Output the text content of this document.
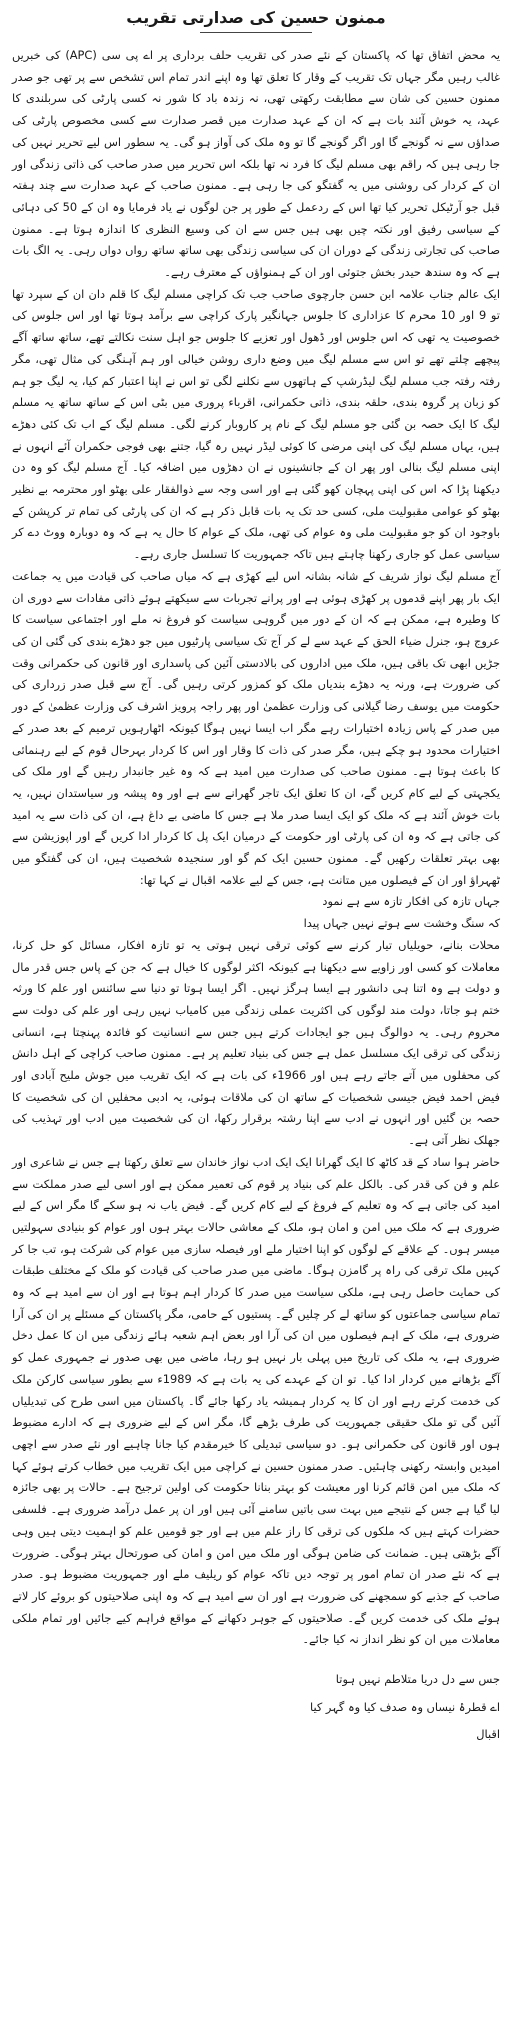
ممنون حسین کی صدارتی تقریب

یہ محض اتفاق تھا کہ پاکستان کے نئے صدر کی تقریب حلف برداری پر اے پی سی (APC) کی خبریں غالب رہیں مگر جہاں تک تقریب کے وقار کا تعلق تھا وہ اپنے اندر تمام اس تشخص سے پر تھی جو صدر ممنون حسین کی شان سے مطابقت رکھتی تھی، نہ زندہ باد کا شور نہ کسی پارٹی کی سربلندی کا عہد، یہ خوش آئند بات ہے کہ ان کے عہد صدارت میں قصر صدارت سے کسی مخصوص پارٹی کی صداؤں سے نہ گونجے گا اور اگر گونجے گا تو وہ ملک کی آواز ہو گی۔ یہ سطور اس لیے تحریر نہیں کی جا رہی ہیں کہ راقم بھی مسلم لیگ کا فرد نہ تھا بلکہ اس تحریر میں صدر صاحب کی ذاتی زندگی اور ان کے کردار کی روشنی میں یہ گفتگو کی جا رہی ہے۔ ممنون صاحب کے عہد صدارت سے چند ہفتہ قبل جو آرٹیکل تحریر کیا تھا اس کے ردعمل کے طور پر جن لوگوں نے یاد فرمایا وہ ان کے 50 کی دہائی کے سیاسی رفیق اور نکتہ چیں بھی ہیں جس سے ان کی وسیع النظری کا اندازہ ہوتا ہے۔ ممنون صاحب کی تجارتی زندگی کے دوران ان کی سیاسی زندگی بھی ساتھ ساتھ رواں دواں رہی۔ یہ الگ بات ہے کہ وہ سندھ حیدر بخش جتوئی اور ان کے ہمنواؤں کے معترف رہے۔

ایک عالم جناب علامہ ابن حسن جارچوی صاحب جب تک کراچی مسلم لیگ کا قلم دان ان کے سپرد تھا تو 9 اور 10 محرم کا عزاداری کا جلوس جہانگیر پارک کراچی سے برآمد ہوتا تھا اور اس جلوس کی خصوصیت یہ تھی کہ اس جلوس اور ڈھول اور تعزیے کا جلوس جو اہل سنت نکالتے تھے، ساتھ ساتھ آگے پیچھے چلتے تھے تو اس سے مسلم لیگ میں وضع داری روشن خیالی اور ہم آہنگی کی مثال تھی، مگر رفتہ رفتہ جب مسلم لیگ لیڈرشپ کے ہاتھوں سے نکلنے لگی تو اس نے اپنا اعتبار کم کیا، یہ لیگ جو ہم کو زبان پر گروہ بندی، حلقہ بندی، ذاتی حکمرانی، اقرباء پروری میں بٹی اس کے ساتھ ساتھ یہ مسلم لیگ کا ایک حصہ بن گئی جو مسلم لیگ کے نام پر کاروبار کرنے لگی۔ مسلم لیگ کے اب تک کئی دھڑے ہیں، یہاں مسلم لیگ کی اپنی مرضی کا کوئی لیڈر نہیں رہ گیا، جتنے بھی فوجی حکمران آئے انہوں نے اپنی مسلم لیگ بنالی اور پھر ان کے جانشینوں نے ان دھڑوں میں اضافہ کیا۔ آج مسلم لیگ کو وہ دن دیکھنا پڑا کہ اس کی اپنی پہچان کھو گئی ہے اور اسی وجہ سے ذوالفقار علی بھٹو اور محترمہ بے نظیر بھٹو کو عوامی مقبولیت ملی، کسی حد تک یہ بات قابل ذکر ہے کہ ان کی پارٹی کی تمام تر کرپشن کے باوجود ان کو جو مقبولیت ملی وہ عوام کی تھی، ملک کے عوام کا حال یہ ہے کہ وہ دوبارہ ووٹ دے کر سیاسی عمل کو جاری رکھنا چاہتے ہیں تاکہ جمہوریت کا تسلسل جاری رہے۔

آج مسلم لیگ نواز شریف کے شانہ بشانہ اس لیے کھڑی ہے کہ میاں صاحب کی قیادت میں یہ جماعت ایک بار پھر اپنے قدموں پر کھڑی ہوئی ہے اور پرانے تجربات سے سیکھتے ہوئے ذاتی مفادات سے دوری ان کا وطیرہ ہے، ممکن ہے کہ ان کے دور میں گروہی سیاست کو فروغ نہ ملے اور اجتماعی سیاست کا عروج ہو، جنرل ضیاء الحق کے عہد سے لے کر آج تک سیاسی پارٹیوں میں جو دھڑے بندی کی گئی ان کی جڑیں ابھی تک باقی ہیں، ملک میں اداروں کی بالادستی آئین کی پاسداری اور قانون کی حکمرانی وقت کی ضرورت ہے، ورنہ یہ دھڑے بندیاں ملک کو کمزور کرتی رہیں گی۔ آج سے قبل صدر زرداری کی حکومت میں یوسف رضا گیلانی کی وزارت عظمیٰ اور پھر راجہ پرویز اشرف کی وزارت عظمیٰ کے دور میں صدر کے پاس زیادہ اختیارات رہے مگر اب ایسا نہیں ہوگا کیونکہ اٹھارہویں ترمیم کے بعد صدر کے اختیارات محدود ہو چکے ہیں، مگر صدر کی ذات کا وقار اور اس کا کردار بہرحال قوم کے لیے رہنمائی کا باعث ہوتا ہے۔ ممنون صاحب کی صدارت میں امید ہے کہ وہ غیر جانبدار رہیں گے اور ملک کی یکجہتی کے لیے کام کریں گے، ان کا تعلق ایک تاجر گھرانے سے ہے اور وہ پیشہ ور سیاستدان نہیں، یہ بات خوش آئند ہے کہ ملک کو ایک ایسا صدر ملا ہے جس کا ماضی بے داغ ہے، ان کی ذات سے یہ امید کی جاتی ہے کہ وہ ان کی پارٹی اور حکومت کے درمیان ایک پل کا کردار ادا کریں گے اور اپوزیشن سے بھی بہتر تعلقات رکھیں گے۔ ممنون حسین ایک کم گو اور سنجیدہ شخصیت ہیں، ان کی گفتگو میں ٹھہراؤ اور ان کے فیصلوں میں متانت ہے، جس کے لیے علامہ اقبال نے کہا تھا:

جہاں تازہ کی افکار تازہ سے ہے نمود
کہ سنگ وخشت سے ہوتے نہیں جہاں پیدا

محلات بنانے، حویلیاں تیار کرنے سے کوئی ترقی نہیں ہوتی یہ تو تازہ افکار، مسائل کو حل کرنا، معاملات کو کسی اور زاویے سے دیکھنا ہے کیونکہ اکثر لوگوں کا خیال ہے کہ جن کے پاس جس قدر مال و دولت ہے وہ اتنا ہی دانشور ہے ایسا ہرگز نہیں۔ اگر ایسا ہوتا تو دنیا سے سائنس اور علم کا ورثہ ختم ہو جاتا، دولت مند لوگوں کی اکثریت عملی زندگی میں کامیاب نہیں رہی اور علم کی دولت سے محروم رہی۔ یہ دوالوگ ہیں جو ایجادات کرتے ہیں جس سے انسانیت کو فائدہ پہنچتا ہے، انسانی زندگی کی ترقی ایک مسلسل عمل ہے جس کی بنیاد تعلیم پر ہے۔ ممنون صاحب کراچی کے اہل دانش کی محفلوں میں آتے جاتے رہے ہیں اور 1966ء کی بات ہے کہ ایک تقریب میں جوش ملیح آبادی اور فیض احمد فیض جیسی شخصیات کے ساتھ ان کی ملاقات ہوئی، یہ ادبی محفلیں ان کی شخصیت کا حصہ بن گئیں اور انہوں نے ادب سے اپنا رشتہ برقرار رکھا، ان کی شخصیت میں ادب اور تہذیب کی جھلک نظر آتی ہے۔

حاضر ہوا ساد کے قد کاٹھ کا ایک گھرانا ایک ایک ادب نواز خاندان سے تعلق رکھتا ہے جس نے شاعری اور علم و فن کی قدر کی۔ بالکل علم کی بنیاد پر قوم کی تعمیر ممکن ہے اور اسی لیے صدر مملکت سے امید کی جاتی ہے کہ وہ تعلیم کے فروغ کے لیے کام کریں گے۔ فیض یاب نہ ہو سکے گا مگر اس کے لیے ضروری ہے کہ ملک میں امن و امان ہو، ملک کے معاشی حالات بہتر ہوں اور عوام کو بنیادی سہولتیں میسر ہوں۔ کے علاقے کے لوگوں کو اپنا اختیار ملے اور فیصلہ سازی میں عوام کی شرکت ہو، تب جا کر کہیں ملک ترقی کی راہ پر گامزن ہوگا۔ ماضی میں صدر صاحب کی قیادت کو ملک کے مختلف طبقات کی حمایت حاصل رہی ہے، ملکی سیاست میں صدر کا کردار اہم ہوتا ہے اور ان سے امید ہے کہ وہ تمام سیاسی جماعتوں کو ساتھ لے کر چلیں گے۔ پستیوں کے حامی، مگر پاکستان کے مسئلے پر ان کی آرا ضروری ہے، ملک کے اہم فیصلوں میں ان کی آرا اور بعض اہم شعبہ ہائے زندگی میں ان کا عمل دخل ضروری ہے، یہ ملک کی تاریخ میں پہلی بار نہیں ہو رہا، ماضی میں بھی صدور نے جمہوری عمل کو آگے بڑھانے میں کردار ادا کیا۔ تو ان کے عہدے کی یہ بات ہے کہ 1989ء سے بطور سیاسی کارکن ملک کی خدمت کرتے رہے اور ان کا یہ کردار ہمیشہ یاد رکھا جائے گا۔ پاکستان میں اسی طرح کی تبدیلیاں آئیں گی تو ملک حقیقی جمہوریت کی طرف بڑھے گا، مگر اس کے لیے ضروری ہے کہ ادارے مضبوط ہوں اور قانون کی حکمرانی ہو۔ دو سیاسی تبدیلی کا خیرمقدم کیا جانا چاہیے اور نئے صدر سے اچھی امیدیں وابستہ رکھنی چاہئیں۔ صدر ممنون حسین نے کراچی میں ایک تقریب میں خطاب کرتے ہوئے کہا کہ ملک میں امن قائم کرنا اور معیشت کو بہتر بنانا حکومت کی اولین ترجیح ہے۔ حالات پر بھی جائزہ لیا گیا ہے جس کے نتیجے میں بہت سی باتیں سامنے آئی ہیں اور ان پر عمل درآمد ضروری ہے۔ فلسفی حضرات کہتے ہیں کہ ملکوں کی ترقی کا راز علم میں ہے اور جو قومیں علم کو اہمیت دیتی ہیں وہی آگے بڑھتی ہیں۔ ضمانت کی ضامن ہوگی اور ملک میں امن و امان کی صورتحال بہتر ہوگی۔ ضرورت ہے کہ نئے صدر ان تمام امور پر توجہ دیں تاکہ عوام کو ریلیف ملے اور جمہوریت مضبوط ہو۔ صدر صاحب کے جذبے کو سمجھنے کی ضرورت ہے اور ان سے امید ہے کہ وہ اپنی صلاحیتوں کو بروئے کار لاتے ہوئے ملک کی خدمت کریں گے۔ صلاحیتوں کے جوہر دکھانے کے مواقع فراہم کیے جائیں اور تمام ملکی معاملات میں ان کو نظر انداز نہ کیا جائے۔

جس سے دل دریا متلاطم نہیں ہوتا
اے قطرۂ نیساں وہ صدف کیا وہ گہر کیا
اقبال
